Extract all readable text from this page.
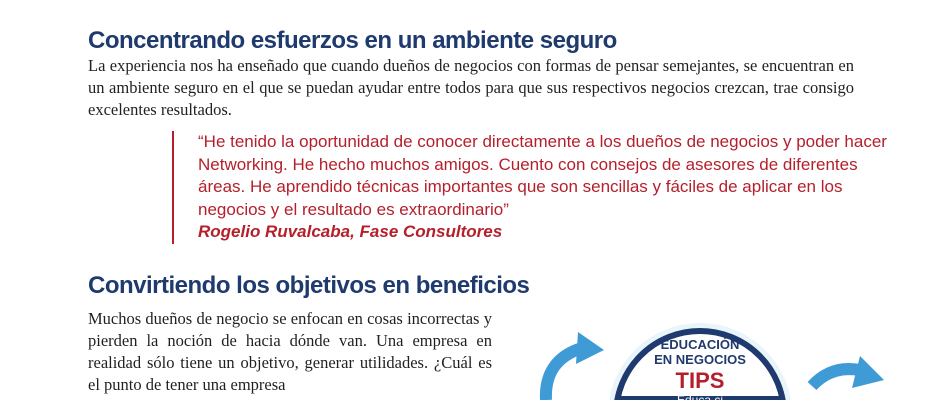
Concentrando esfuerzos en un ambiente seguro

La experiencia nos ha enseñado que cuando dueños de negocios con formas de pensar semejantes, se encuentran en un ambiente seguro en el que se puedan ayudar entre todos para que sus respectivos negocios crezcan, trae consigo excelentes resultados.

“He tenido la oportunidad de conocer directamente a los dueños de negocios y poder hacer Networking. He hecho muchos amigos. Cuento con consejos de asesores de diferentes áreas. He aprendido técnicas importantes que son sencillas y fáciles de aplicar en los negocios y el resultado es extraordinario”

Rogelio Ruvalcaba, Fase Consultores

Convirtiendo los objetivos en beneficios

Muchos dueños de negocio se enfocan en cosas incorrectas y pierden la noción de hacia dónde van. Una empresa en realidad sólo tiene un objetivo, generar utilidades. ¿Cuál es el punto de tener una empresa

EDUCACIÓN
EN NEGOCIOS
TIPS
Educa ci
